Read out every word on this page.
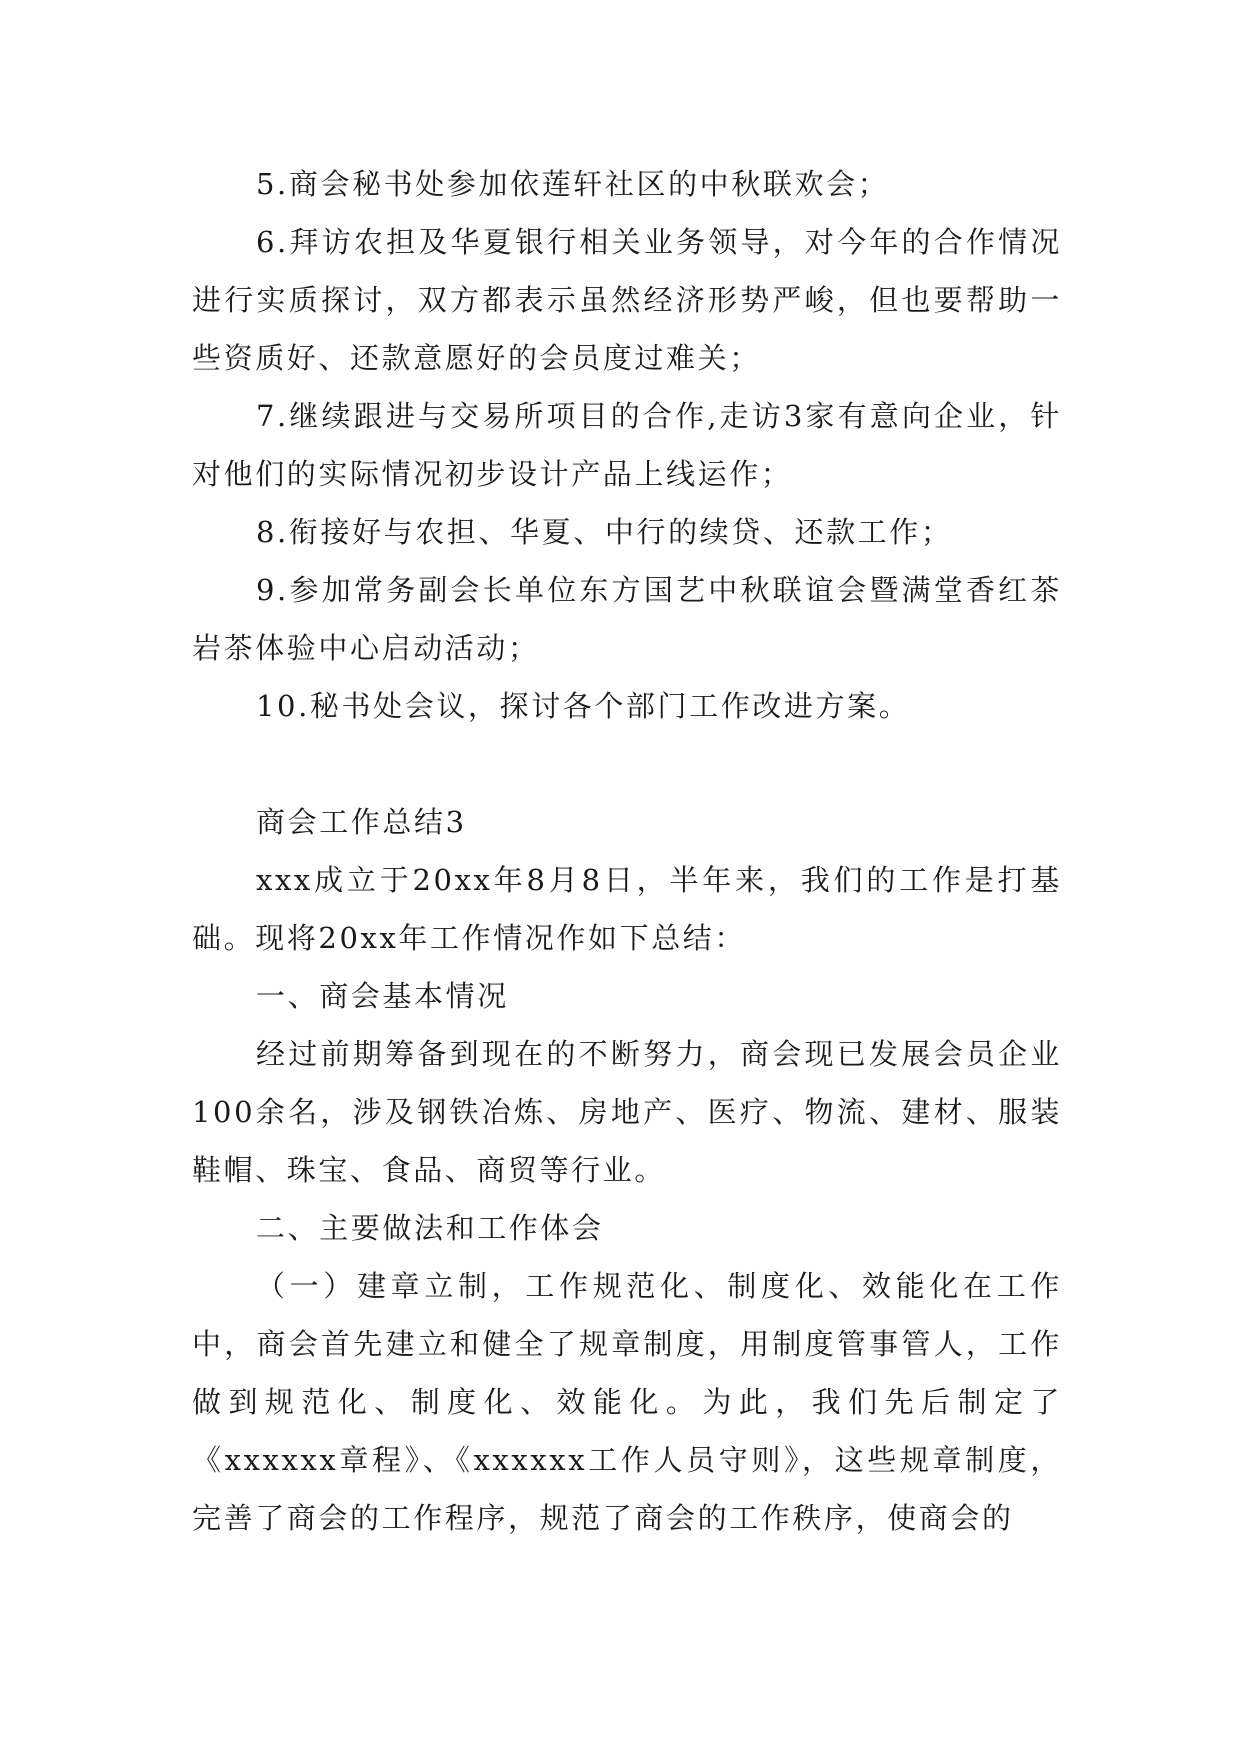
5.商会秘书处参加依莲轩社区的中秋联欢会；

6.拜访农担及华夏银行相关业务领导，对今年的合作情况进行实质探讨，双方都表示虽然经济形势严峻，但也要帮助一些资质好、还款意愿好的会员度过难关；

7.继续跟进与交易所项目的合作,走访3家有意向企业，针对他们的实际情况初步设计产品上线运作；

8.衔接好与农担、华夏、中行的续贷、还款工作；

9.参加常务副会长单位东方国艺中秋联谊会暨满堂香红茶岩茶体验中心启动活动；

10.秘书处会议，探讨各个部门工作改进方案。

商会工作总结3

xxx成立于20xx年8月8日，半年来，我们的工作是打基础。现将20xx年工作情况作如下总结：

一、商会基本情况

经过前期筹备到现在的不断努力，商会现已发展会员企业100余名，涉及钢铁冶炼、房地产、医疗、物流、建材、服装鞋帽、珠宝、食品、商贸等行业。

二、主要做法和工作体会

（一）建章立制，工作规范化、制度化、效能化在工作中，商会首先建立和健全了规章制度，用制度管事管人，工作做到规范化、制度化、效能化。为此，我们先后制定了《xxxxxx章程》、《xxxxxx工作人员守则》，这些规章制度，完善了商会的工作程序，规范了商会的工作秩序，使商会的
